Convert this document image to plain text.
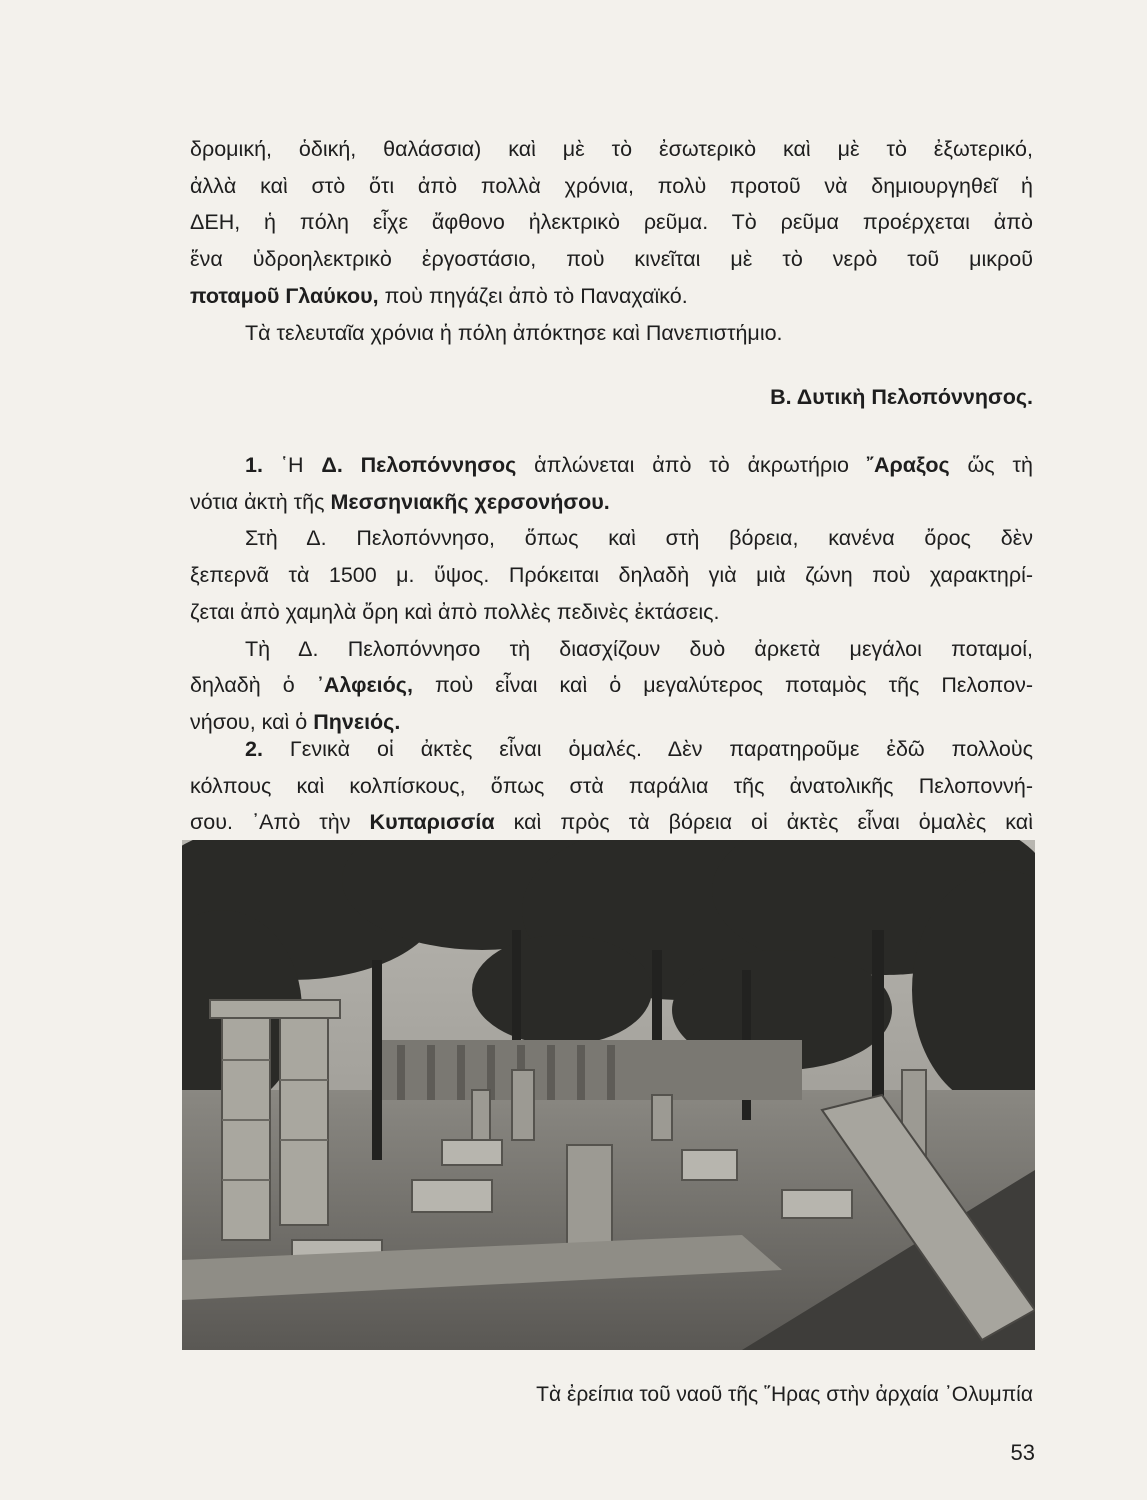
δρομική, ὁδική, θαλάσσια) καὶ μὲ τὸ ἐσωτερικὸ καὶ μὲ τὸ ἐξωτερικό,
ἀλλὰ καὶ στὸ ὅτι ἀπὸ πολλὰ χρόνια, πολὺ προτοῦ νὰ δημιουργηθεῖ ἡ
ΔΕΗ, ἡ πόλη εἶχε ἄφθονο ἠλεκτρικὸ ρεῦμα. Τὸ ρεῦμα προέρχεται ἀπὸ
ἕνα ὑδροηλεκτρικὸ ἐργοστάσιο, ποὺ κινεῖται μὲ τὸ νερὸ τοῦ μικροῦ
ποταμοῦ Γλαύκου, ποὺ πηγάζει ἀπὸ τὸ Παναχαϊκό.
Τὰ τελευταῖα χρόνια ἡ πόλη ἀπόκτησε καὶ Πανεπιστήμιο.
Β. Δυτικὴ Πελοπόννησος.
1. ῾Η Δ. Πελοπόννησος ἁπλώνεται ἀπὸ τὸ ἀκρωτήριο ῎Αραξος ὥς τὴ
νότια ἀκτὴ τῆς Μεσσηνιακῆς χερσονήσου.
Στὴ Δ. Πελοπόννησο, ὅπως καὶ στὴ βόρεια, κανένα ὄρος δὲν
ξεπερνᾶ τὰ 1500 μ. ὕψος. Πρόκειται δηλαδὴ γιὰ μιὰ ζώνη ποὺ χαρακτηρί-
ζεται ἀπὸ χαμηλὰ ὄρη καὶ ἀπὸ πολλὲς πεδινὲς ἐκτάσεις.
Τὴ Δ. Πελοπόννησο τὴ διασχίζουν δυὸ ἀρκετὰ μεγάλοι ποταμοί,
δηλαδὴ ὁ ᾿Αλφειός, ποὺ εἶναι καὶ ὁ μεγαλύτερος ποταμὸς τῆς Πελοπον-
νήσου, καὶ ὁ Πηνειός.
2. Γενικὰ οἱ ἀκτὲς εἶναι ὁμαλές. Δὲν παρατηροῦμε ἐδῶ πολλοὺς
κόλπους καὶ κολπίσκους, ὅπως στὰ παράλια τῆς ἀνατολικῆς Πελοποννή-
σου. ᾿Απὸ τὴν Κυπαρισσία καὶ πρὸς τὰ βόρεια οἱ ἀκτὲς εἶναι ὁμαλὲς καὶ
Τὰ ἐρείπια τοῦ ναοῦ τῆς ῞Ηρας στὴν ἀρχαία ᾿Ολυμπία
53
